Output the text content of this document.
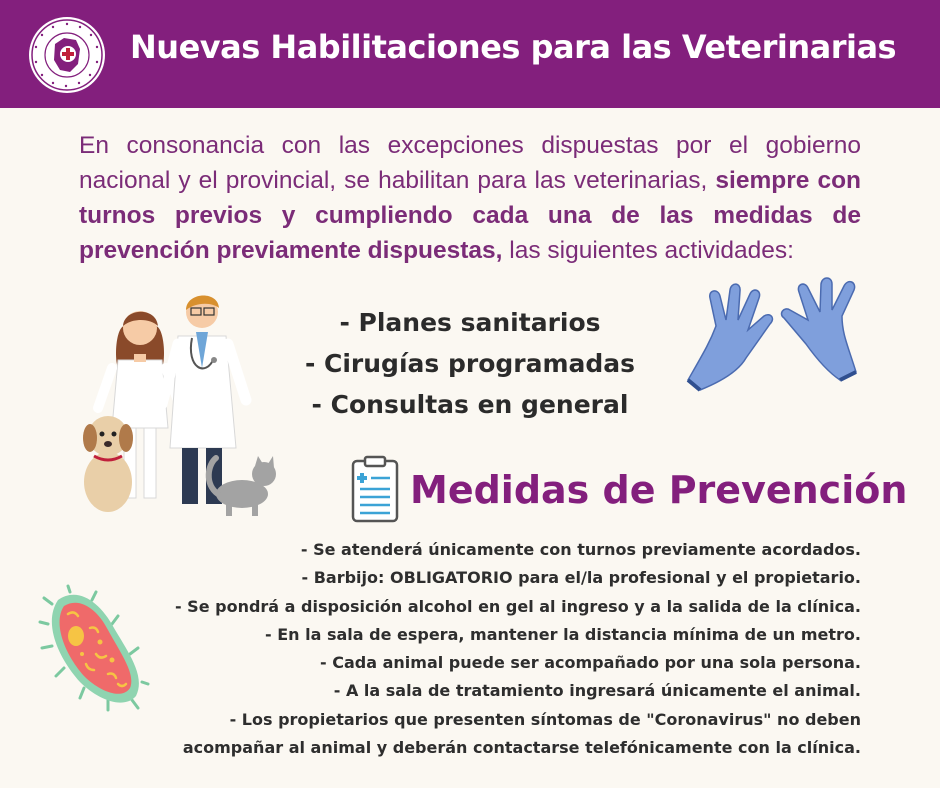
Nuevas Habilitaciones para las Veterinarias
En consonancia con las excepciones dispuestas por el gobierno nacional y el provincial, se habilitan para las veterinarias, siempre con turnos previos y cumpliendo cada una de las medidas de prevención previamente dispuestas, las siguientes actividades:
- Planes sanitarios
- Cirugías programadas
- Consultas en general
Medidas de Prevención
- Se atenderá únicamente con turnos previamente acordados.
- Barbijo: OBLIGATORIO para el/la profesional y el propietario.
- Se pondrá a disposición alcohol en gel al ingreso y a la salida de la clínica.
- En la sala de espera, mantener la distancia mínima de un metro.
- Cada animal puede ser acompañado por una sola persona.
- A la sala de tratamiento ingresará únicamente el animal.
- Los propietarios que presenten síntomas de "Coronavirus" no deben
acompañar al animal y deberán contactarse telefónicamente con la clínica.
